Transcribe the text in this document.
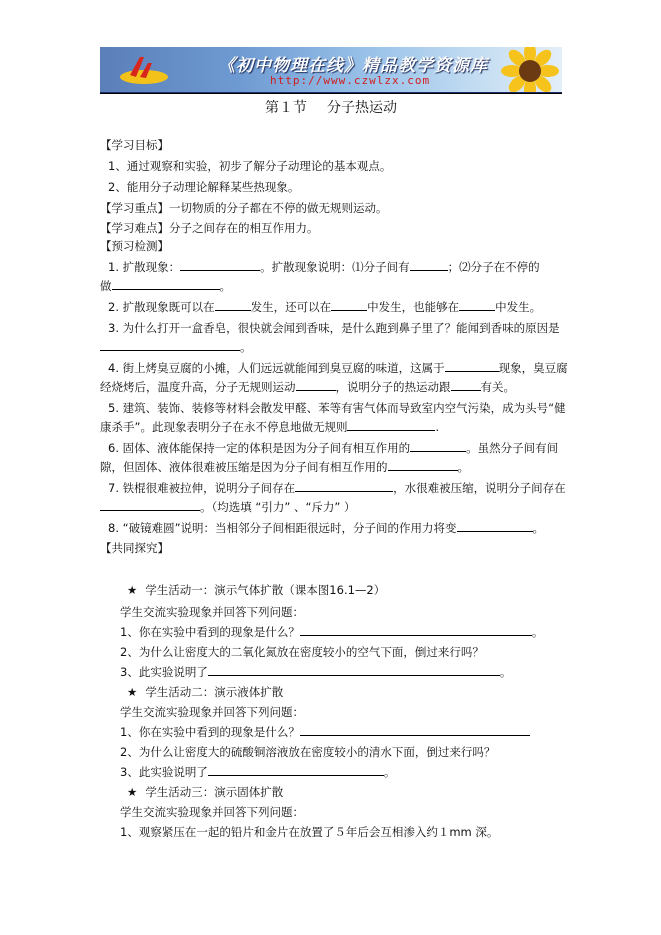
《初中物理在线》精品教学资源库
http://www.czwlzx.com
第１节 分子热运动
【学习目标】
1、通过观察和实验，初步了解分子动理论的基本观点。
2、能用分子动理论解释某些热现象。
【学习重点】一切物质的分子都在不停的做无规则运动。
【学习难点】分子之间存在的相互作用力。
【预习检测】
1. 扩散现象：	。扩散现象说明：⑴分子间有	；⑵分子在不停的
做	。
2. 扩散现象既可以在	发生，还可以在	中发生，也能够在	中发生。
3. 为什么打开一盒香皂，很快就会闻到香味，是什么跑到鼻子里了？能闻到香味的原因是
。
4. 街上烤臭豆腐的小摊，人们远远就能闻到臭豆腐的味道，这属于	现象，臭豆腐
经烧烤后，温度升高，分子无规则运动	，说明分子的热运动跟	有关。
5. 建筑、装饰、装修等材料会散发甲醛、苯等有害气体而导致室内空气污染，成为头号“健
康杀手”。此现象表明分子在永不停息地做无规则	.
6. 固体、液体能保持一定的体积是因为分子间有相互作用的	。虽然分子间有间
隙，但固体、液体很难被压缩是因为分子间有相互作用的	。
7. 铁棍很难被拉伸，说明分子间存在	，水很难被压缩，说明分子间存在
。（均选填 “引力” 、“斥力” ）
8. “破镜难圆”说明：当相邻分子间相距很远时，分子间的作用力将变	。
【共同探究】
★ 学生活动一：演示气体扩散（课本图16.1—2）
学生交流实验现象并回答下列问题：
1、你在实验中看到的现象是什么？	。
2、为什么让密度大的二氧化氮放在密度较小的空气下面，倒过来行吗？
3、此实验说明了	。
★ 学生活动二：演示液体扩散
学生交流实验现象并回答下列问题：
1、你在实验中看到的现象是什么？
2、为什么让密度大的硫酸铜溶液放在密度较小的清水下面，倒过来行吗？
3、此实验说明了	。
★ 学生活动三：演示固体扩散
学生交流实验现象并回答下列问题：
1、观察紧压在一起的铅片和金片在放置了５年后会互相渗入约１mm 深。
